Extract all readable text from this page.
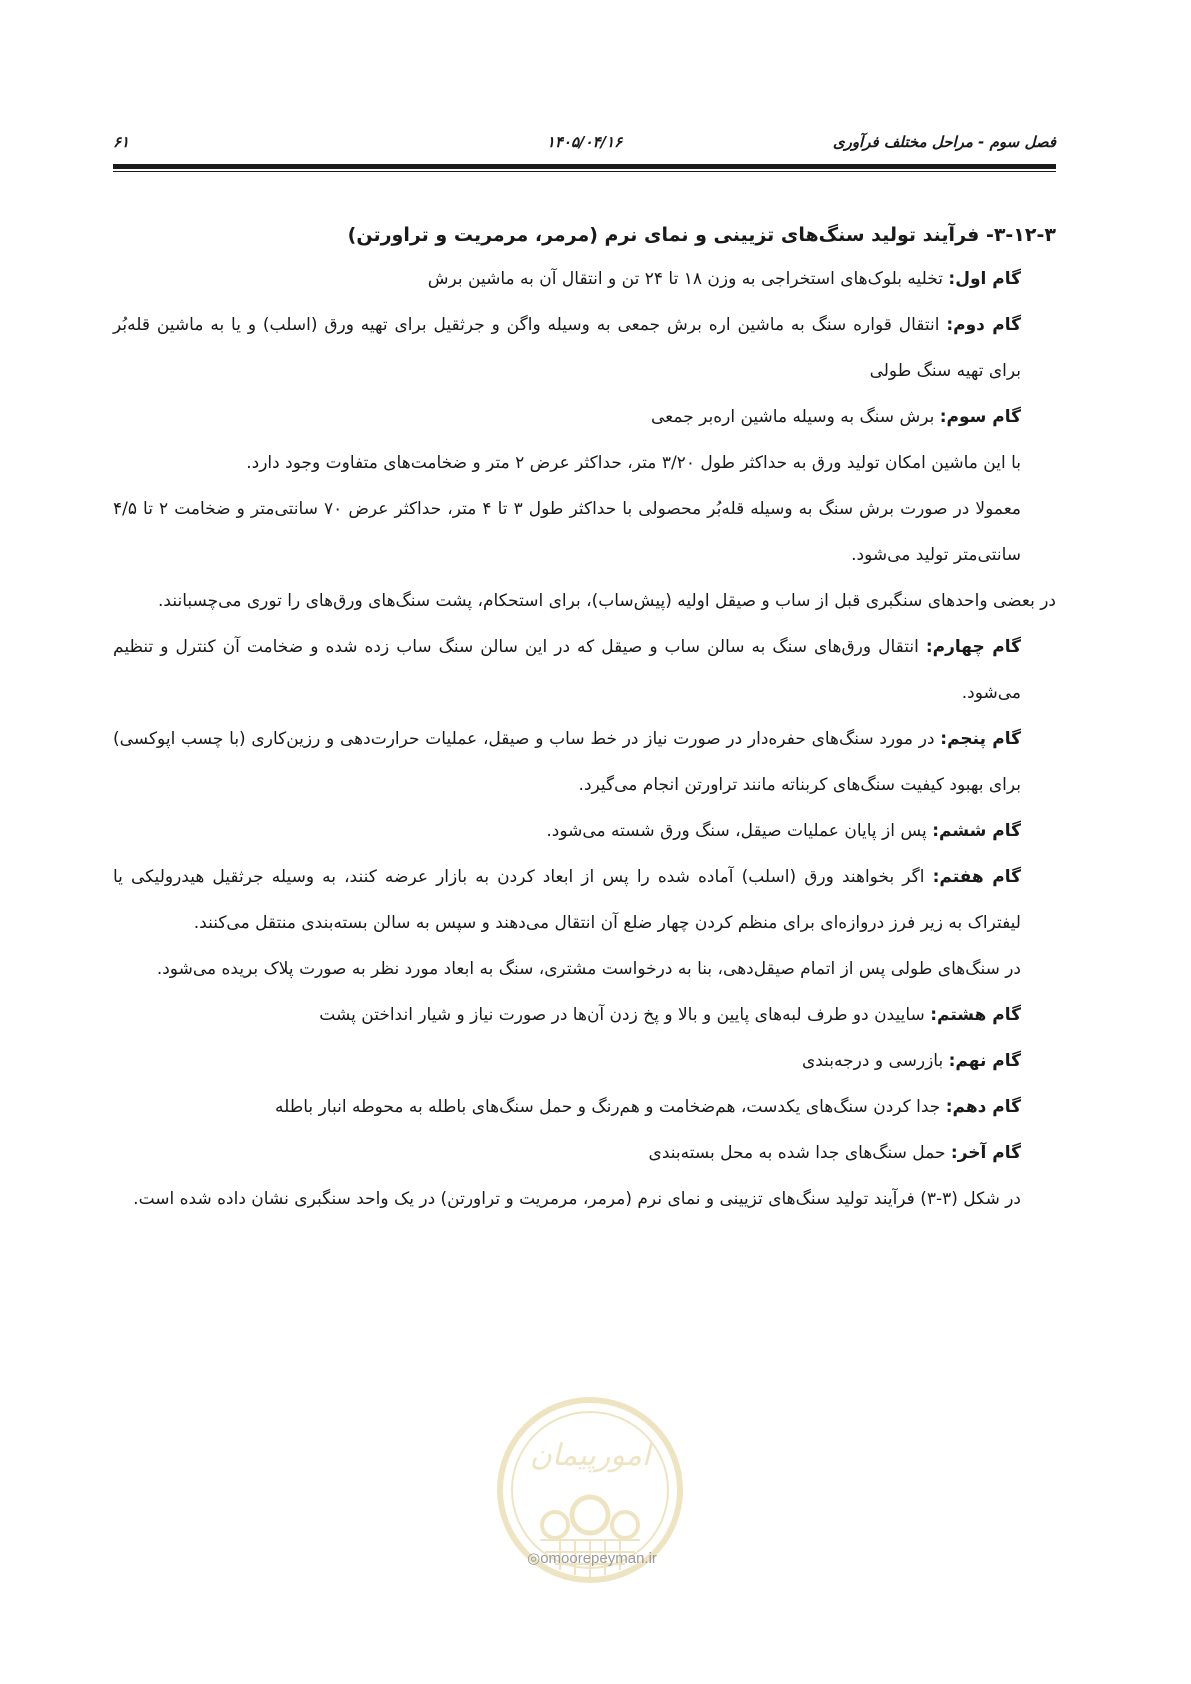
فصل سوم - مراحل مختلف فرآوری
۱۴۰۵/۰۴/۱۶
۶۱
۳-۱۲-۳- فرآیند تولید سنگ‌های تزیینی و نمای نرم (مرمر، مرمریت و تراورتن)

گام اول: تخلیه بلوک‌های استخراجی به وزن ۱۸ تا ۲۴ تن و انتقال آن به ماشین برش

گام دوم: انتقال قواره سنگ به ماشین اره برش جمعی به وسیله واگن و جرثقیل برای تهیه ورق (اسلب) و یا به ماشین قله‌بُر برای تهیه سنگ طولی

گام سوم: برش سنگ به وسیله ماشین اره‌بر جمعی

با این ماشین امکان تولید ورق به حداکثر طول ۳/۲۰ متر، حداکثر عرض ۲ متر و ضخامت‌های متفاوت وجود دارد.

معمولا در صورت برش سنگ به وسیله قله‌بُر محصولی با حداکثر طول ۳ تا ۴ متر، حداکثر عرض ۷۰ سانتی‌متر و ضخامت ۲ تا ۴/۵ سانتی‌متر تولید می‌شود.

در بعضی واحدهای سنگبری قبل از ساب و صیقل اولیه (پیش‌ساب)، برای استحکام، پشت سنگ‌های ورق‌های را توری می‌چسبانند.

گام چهارم: انتقال ورق‌های سنگ به سالن ساب و صیقل که در این سالن سنگ ساب زده شده و ضخامت آن کنترل و تنظیم می‌شود.

گام پنجم: در مورد سنگ‌های حفره‌دار در صورت نیاز در خط ساب و صیقل، عملیات حرارت‌دهی و رزین‌کاری (با چسب اپوکسی) برای بهبود کیفیت سنگ‌های کربناته مانند تراورتن انجام می‌گیرد.

گام ششم: پس از پایان عملیات صیقل، سنگ ورق شسته می‌شود.

گام هفتم: اگر بخواهند ورق (اسلب) آماده شده را پس از ابعاد کردن به بازار عرضه کنند، به وسیله جرثقیل هیدرولیکی یا لیفتراک به زیر فرز دروازه‌ای برای منظم کردن چهار ضلع آن انتقال می‌دهند و سپس به سالن بسته‌بندی منتقل می‌کنند.

در سنگ‌های طولی پس از اتمام صیقل‌دهی، بنا به درخواست مشتری، سنگ به ابعاد مورد نظر به صورت پلاک بریده می‌شود.

گام هشتم: ساییدن دو طرف لبه‌های پایین و بالا و پخ زدن آن‌ها در صورت نیاز و شیار انداختن پشت

گام نهم: بازرسی و درجه‌بندی

گام دهم: جدا کردن سنگ‌های یکدست، هم‌ضخامت و هم‌رنگ و حمل سنگ‌های باطله به محوطه انبار باطله

گام آخر: حمل سنگ‌های جدا شده به محل بسته‌بندی

در شکل (۳-۳) فرآیند تولید سنگ‌های تزیینی و نمای نرم (مرمر، مرمریت و تراورتن) در یک واحد سنگبری نشان داده شده است.

امورپیمان
◎omoorepeyman.ir
